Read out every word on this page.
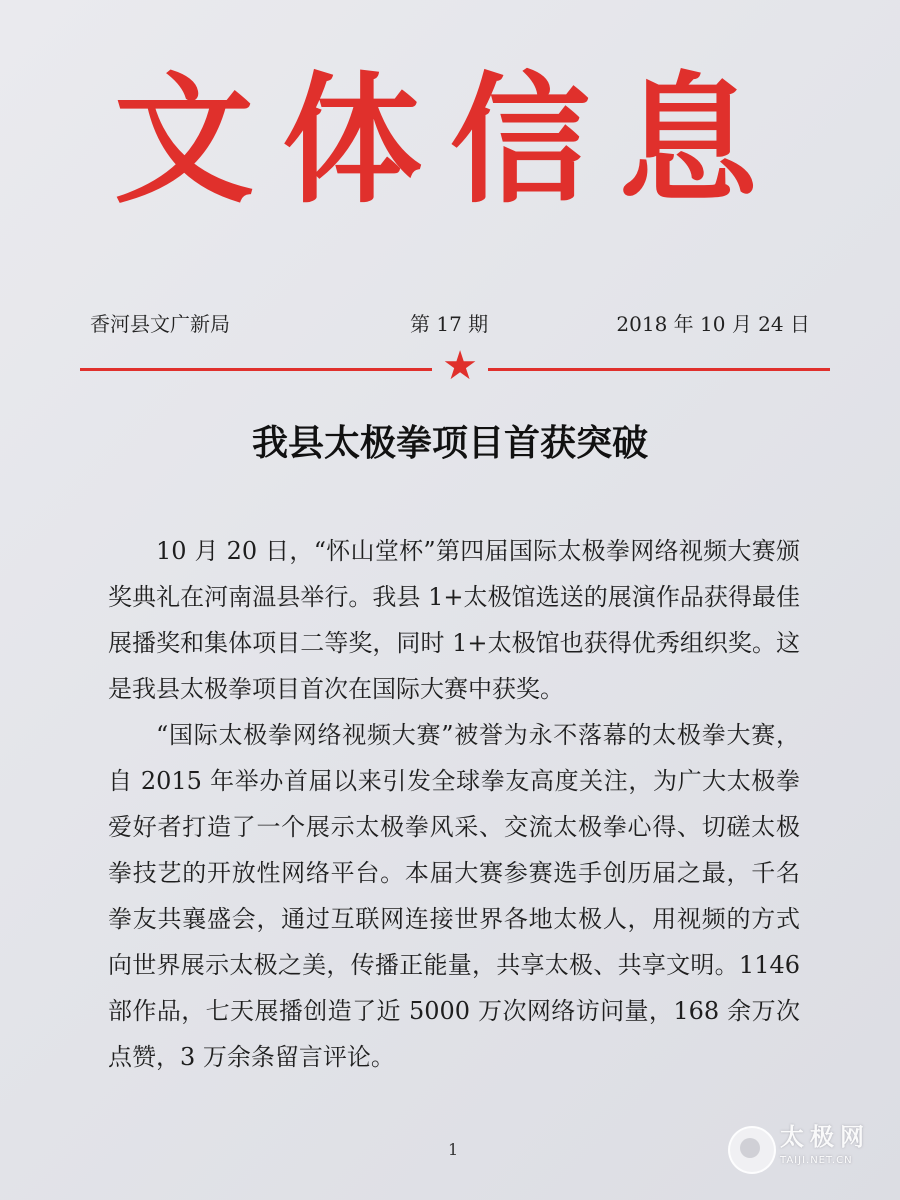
文体信息
香河县文广新局	第 17 期	2018 年 10 月 24 日
★
我县太极拳项目首获突破

10 月 20 日，“怀山堂杯”第四届国际太极拳网络视频大赛颁奖典礼在河南温县举行。我县 1+太极馆选送的展演作品获得最佳展播奖和集体项目二等奖，同时 1+太极馆也获得优秀组织奖。这是我县太极拳项目首次在国际大赛中获奖。

“国际太极拳网络视频大赛”被誉为永不落幕的太极拳大赛，自 2015 年举办首届以来引发全球拳友高度关注，为广大太极拳爱好者打造了一个展示太极拳风采、交流太极拳心得、切磋太极拳技艺的开放性网络平台。本届大赛参赛选手创历届之最，千名拳友共襄盛会，通过互联网连接世界各地太极人，用视频的方式向世界展示太极之美，传播正能量，共享太极、共享文明。1146 部作品，七天展播创造了近 5000 万次网络访问量，168 余万次点赞，3 万余条留言评论。

1	太极网
TAIJI.NET.CN
